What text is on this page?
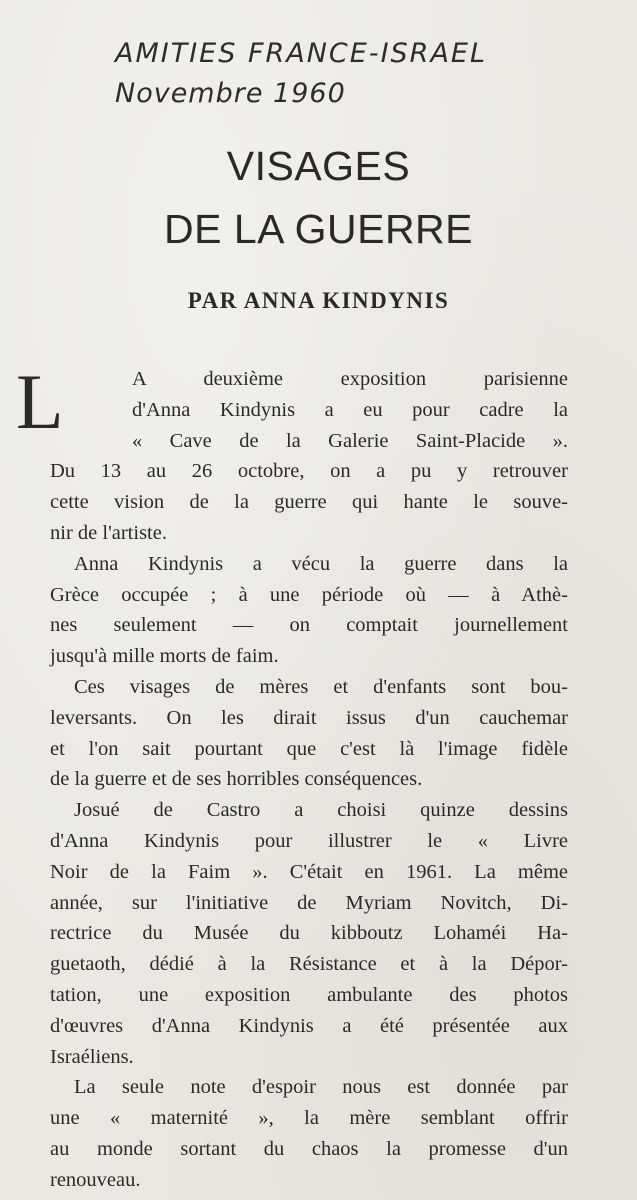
AMITIES FRANCE-ISRAEL
Novembre 1960
VISAGES
DE LA GUERRE
PAR ANNA KINDYNIS
L	A deuxième exposition parisienne
d'Anna Kindynis a eu pour cadre la
« Cave de la Galerie Saint-Placide ».
Du 13 au 26 octobre, on a pu y retrouver
cette vision de la guerre qui hante le souve-
nir de l'artiste.
Anna Kindynis a vécu la guerre dans la
Grèce occupée ; à une période où — à Athè-
nes seulement — on comptait journellement
jusqu'à mille morts de faim.
Ces visages de mères et d'enfants sont bou-
leversants. On les dirait issus d'un cauchemar
et l'on sait pourtant que c'est là l'image fidèle
de la guerre et de ses horribles conséquences.
Josué de Castro a choisi quinze dessins
d'Anna Kindynis pour illustrer le « Livre
Noir de la Faim ». C'était en 1961. La même
année, sur l'initiative de Myriam Novitch, Di-
rectrice du Musée du kibboutz Lohaméi Ha-
guetaoth, dédié à la Résistance et à la Dépor-
tation, une exposition ambulante des photos
d'œuvres d'Anna Kindynis a été présentée aux
Israéliens.
La seule note d'espoir nous est donnée par
une « maternité », la mère semblant offrir
au monde sortant du chaos la promesse d'un
renouveau.
